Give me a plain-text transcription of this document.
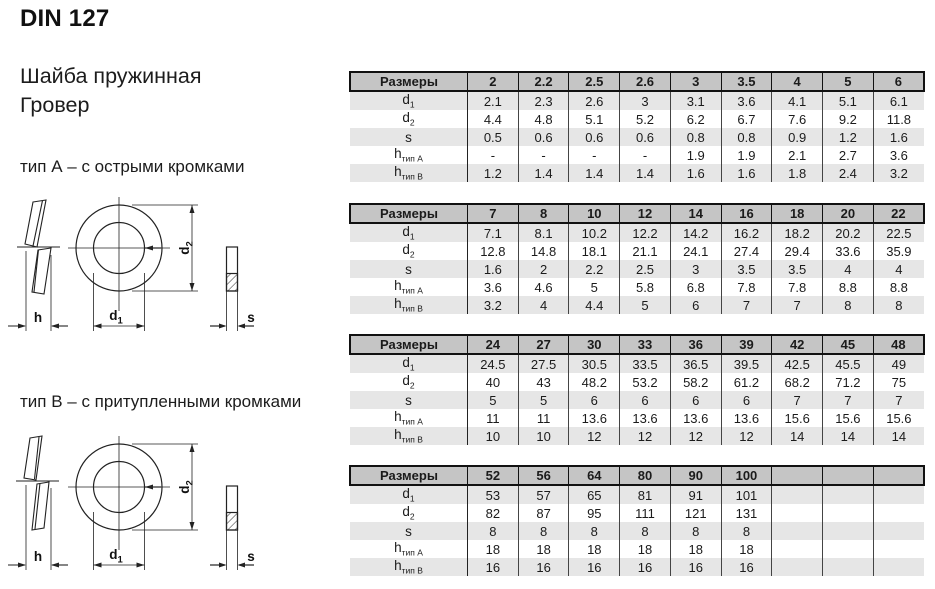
DIN 127
Шайба пружинная
Гровер
тип А – с острыми кромками
h
$d_2$
$d_1$	s
тип В – с притупленными кромками
h
$d_2$
$d_1$	s
Размеры	2	2.2	2.5	2.6	3	3.5	4	5	6
$d_1$	2.1	2.3	2.6	3	3.1	3.6	4.1	5.1	6.1
$d_2$	4.4	4.8	5.1	5.2	6.2	6.7	7.6	9.2	11.8
s	0.5	0.6	0.6	0.6	0.8	0.8	0.9	1.2	1.6
$h_{тип А}$	-	-	-	-	1.9	1.9	2.1	2.7	3.6
$h_{тип В}$	1.2	1.4	1.4	1.4	1.6	1.6	1.8	2.4	3.2
Размеры	7	8	10	12	14	16	18	20	22
$d_1$	7.1	8.1	10.2	12.2	14.2	16.2	18.2	20.2	22.5
$d_2$	12.8	14.8	18.1	21.1	24.1	27.4	29.4	33.6	35.9
s	1.6	2	2.2	2.5	3	3.5	3.5	4	4
$h_{тип А}$	3.6	4.6	5	5.8	6.8	7.8	7.8	8.8	8.8
$h_{тип В}$	3.2	4	4.4	5	6	7	7	8	8
Размеры	24	27	30	33	36	39	42	45	48
$d_1$	24.5	27.5	30.5	33.5	36.5	39.5	42.5	45.5	49
$d_2$	40	43	48.2	53.2	58.2	61.2	68.2	71.2	75
s	5	5	6	6	6	6	7	7	7
$h_{тип А}$	11	11	13.6	13.6	13.6	13.6	15.6	15.6	15.6
$h_{тип В}$	10	10	12	12	12	12	14	14	14
Размеры	52	56	64	80	90	100			
$d_1$	53	57	65	81	91	101			
$d_2$	82	87	95	111	121	131			
s	8	8	8	8	8	8			
$h_{тип А}$	18	18	18	18	18	18			
$h_{тип В}$	16	16	16	16	16	16			
